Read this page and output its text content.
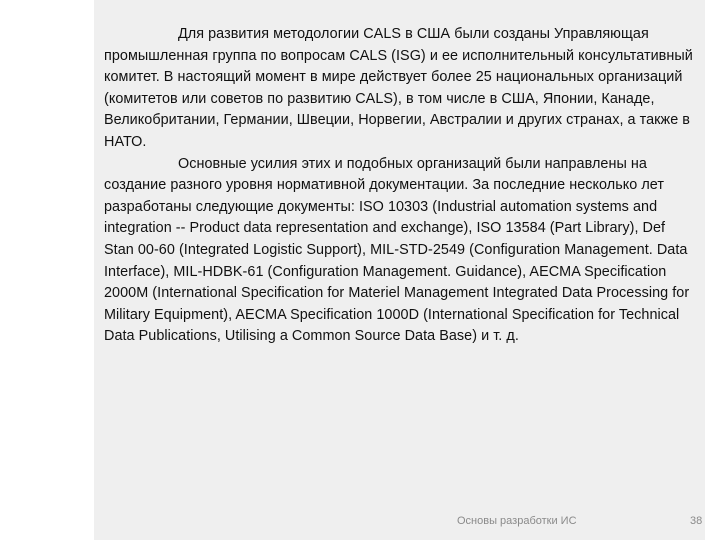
Для развития методологии CALS в США были созданы Управляющая промышленная группа по вопросам CALS (ISG) и ее исполнительный консультативный комитет. В настоящий момент в мире действует более 25 национальных организаций (комитетов или советов по развитию CALS), в том числе в США, Японии, Канаде, Великобритании, Германии, Швеции, Норвегии, Австралии и других странах, а также в НАТО.

Основные усилия этих и подобных организаций были направлены на создание разного уровня нормативной документации. За последние несколько лет разработаны следующие документы: ISO 10303 (Industrial automation systems and integration -- Product data representation and exchange), ISO 13584 (Part Library), Def Stan 00-60 (Integrated Logistic Support), MIL-STD-2549 (Configuration Management. Data Interface), MIL-HDBK-61 (Configuration Management. Guidance), AECMA Specification 2000M (International Specification for Materiel Management Integrated Data Processing for Military Equipment), AECMA Specification 1000D (International Specification for Technical Data Publications, Utilising a Common Source Data Base) и т. д.

Основы разработки ИС	38
